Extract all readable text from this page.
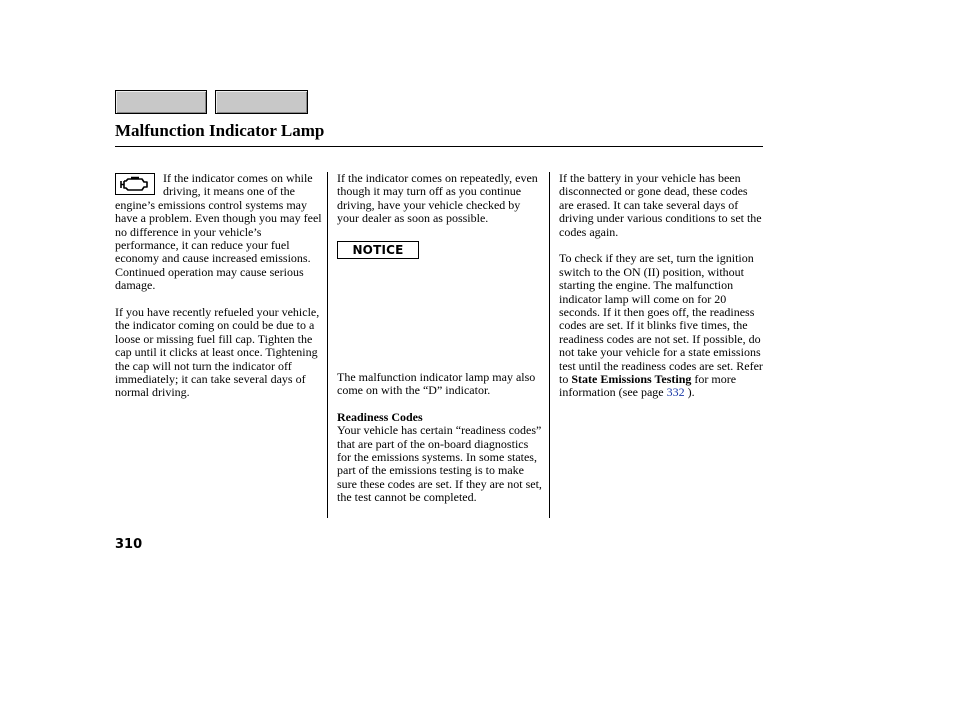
Malfunction Indicator Lamp

If the indicator comes on while driving, it means one of the engine’s emissions control systems may have a problem. Even though you may feel no difference in your vehicle’s performance, it can reduce your fuel economy and cause increased emissions. Continued operation may cause serious damage.

If you have recently refueled your vehicle, the indicator coming on could be due to a loose or missing fuel fill cap. Tighten the cap until it clicks at least once. Tightening the cap will not turn the indicator off immediately; it can take several days of normal driving.

If the indicator comes on repeatedly, even though it may turn off as you continue driving, have your vehicle checked by your dealer as soon as possible.

NOTICE

The malfunction indicator lamp may also come on with the “D” indicator.

Readiness Codes

Your vehicle has certain “readiness codes” that are part of the on-board diagnostics for the emissions systems. In some states, part of the emissions testing is to make sure these codes are set. If they are not set, the test cannot be completed.

If the battery in your vehicle has been disconnected or gone dead, these codes are erased. It can take several days of driving under various conditions to set the codes again.

To check if they are set, turn the ignition switch to the ON (II) position, without starting the engine. The malfunction indicator lamp will come on for 20 seconds. If it then goes off, the readiness codes are set. If it blinks five times, the readiness codes are not set. If possible, do not take your vehicle for a state emissions test until the readiness codes are set. Refer to State Emissions Testing for more information (see page 332 ).

310
